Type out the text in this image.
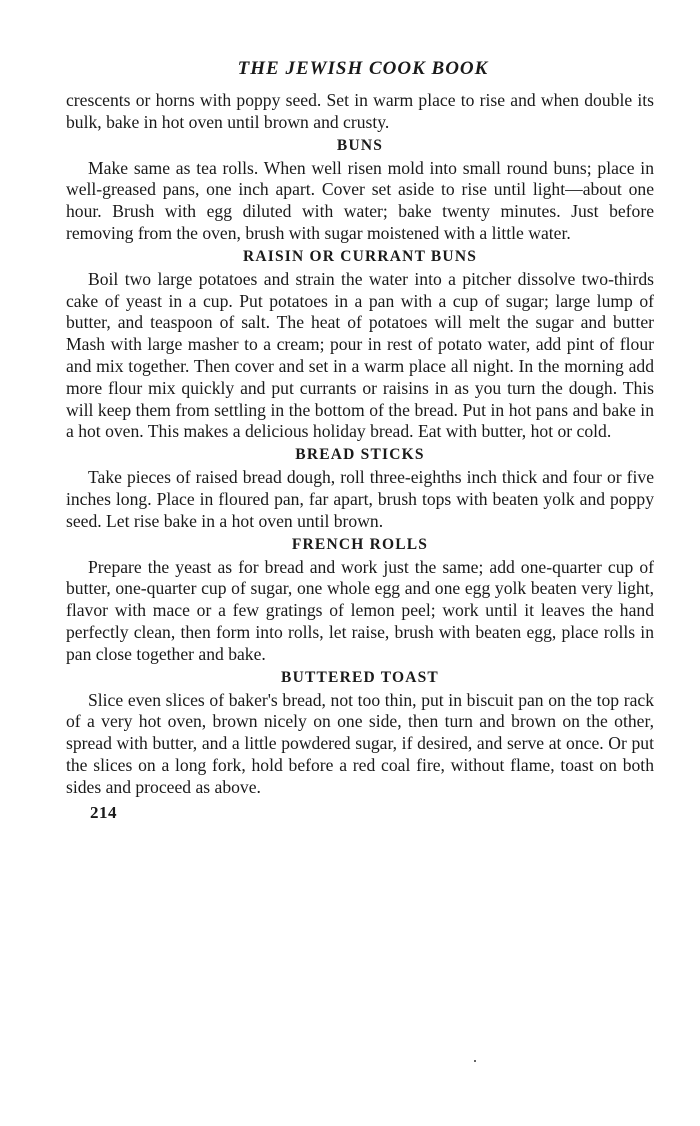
THE JEWISH COOK BOOK

crescents or horns with poppy seed. Set in warm place to rise and when double its bulk, bake in hot oven until brown and crusty.

BUNS

Make same as tea rolls. When well risen mold into small round buns; place in well-greased pans, one inch apart. Cover set aside to rise until light—about one hour. Brush with egg diluted with water; bake twenty minutes. Just before removing from the oven, brush with sugar moistened with a little water.

RAISIN OR CURRANT BUNS

Boil two large potatoes and strain the water into a pitcher dissolve two-thirds cake of yeast in a cup. Put potatoes in a pan with a cup of sugar; large lump of butter, and teaspoon of salt. The heat of potatoes will melt the sugar and butter Mash with large masher to a cream; pour in rest of potato water, add pint of flour and mix together. Then cover and set in a warm place all night. In the morning add more flour mix quickly and put currants or raisins in as you turn the dough. This will keep them from settling in the bottom of the bread. Put in hot pans and bake in a hot oven. This makes a delicious holiday bread. Eat with butter, hot or cold.

BREAD STICKS

Take pieces of raised bread dough, roll three-eighths inch thick and four or five inches long. Place in floured pan, far apart, brush tops with beaten yolk and poppy seed. Let rise bake in a hot oven until brown.

FRENCH ROLLS

Prepare the yeast as for bread and work just the same; add one-quarter cup of butter, one-quarter cup of sugar, one whole egg and one egg yolk beaten very light, flavor with mace or a few gratings of lemon peel; work until it leaves the hand perfectly clean, then form into rolls, let raise, brush with beaten egg, place rolls in pan close together and bake.

BUTTERED TOAST

Slice even slices of baker's bread, not too thin, put in biscuit pan on the top rack of a very hot oven, brown nicely on one side, then turn and brown on the other, spread with butter, and a little powdered sugar, if desired, and serve at once. Or put the slices on a long fork, hold before a red coal fire, without flame, toast on both sides and proceed as above.

214
